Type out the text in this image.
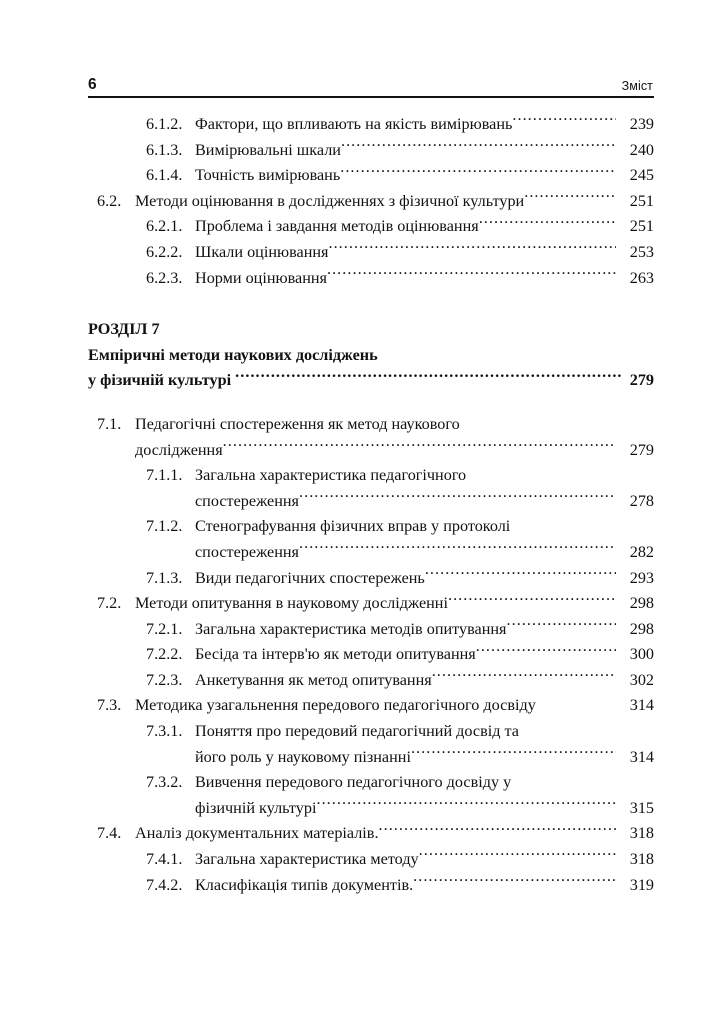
6	Зміст
6.1.2. Фактори, що впливають на якість вимірювань .....	239
6.1.3. Вимірювальні шкали .....	240
6.1.4. Точність вимірювань .....	245
6.2. Методи оцінювання в дослідженнях з фізичної культури .....	251
6.2.1. Проблема і завдання методів оцінювання .....	251
6.2.2. Шкали оцінювання .....	253
6.2.3. Норми оцінювання .....	263
РОЗДІЛ 7
Емпіричні методи наукових досліджень
у фізичній культурі .....	279
7.1. Педагогічні спостереження як метод наукового
дослідження .....	279
7.1.1. Загальна характеристика педагогічного
спостереження .....	278
7.1.2. Стенографування фізичних вправ у протоколі
спостереження .....	282
7.1.3. Види педагогічних спостережень .....	293
7.2. Методи опитування в науковому дослідженні .....	298
7.2.1. Загальна характеристика методів опитування .....	298
7.2.2. Бесіда та інтерв'ю як методи опитування .....	300
7.2.3. Анкетування як метод опитування .....	302
7.3. Методика узагальнення передового педагогічного досвіду	314
7.3.1. Поняття про передовий педагогічний досвід та
його роль у науковому пізнанні .....	314
7.3.2. Вивчення передового педагогічного досвіду у
фізичній культурі .....	315
7.4. Аналіз документальних матеріалів. .....	318
7.4.1. Загальна характеристика методу .....	318
7.4.2. Класифікація типів документів. .....	319
